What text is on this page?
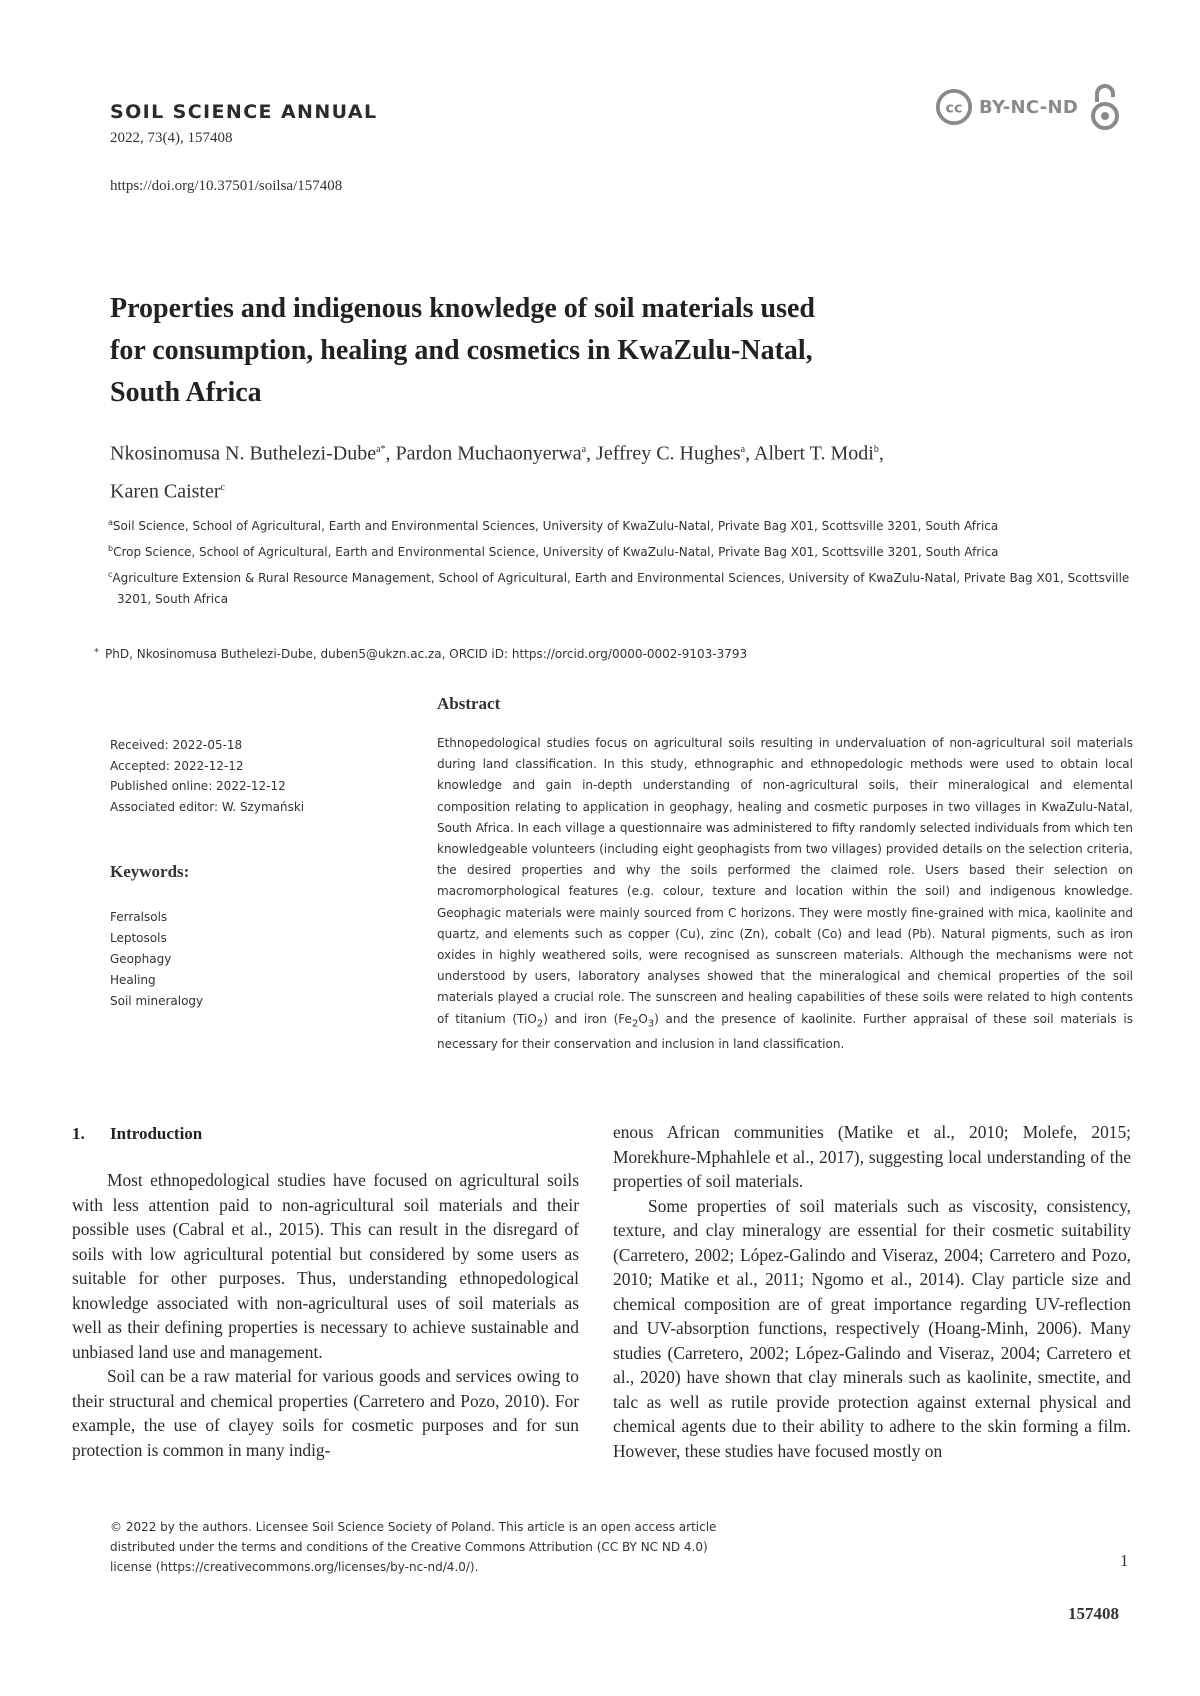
SOIL SCIENCE ANNUAL
2022, 73(4), 157408
https://doi.org/10.37501/soilsa/157408
cc BY-NC-ND
Properties and indigenous knowledge of soil materials used
for consumption, healing and cosmetics in KwaZulu-Natal,
South Africa
Nkosinomusa N. Buthelezi-Dube$^{a*}$, Pardon Muchaonyerwa$^a$, Jeffrey C. Hughes$^a$, Albert T. Modi$^b$,
Karen Caister$^c$

$^a$Soil Science, School of Agricultural, Earth and Environmental Sciences, University of KwaZulu-Natal, Private Bag X01, Scottsville 3201, South Africa

$^b$Crop Science, School of Agricultural, Earth and Environmental Science, University of KwaZulu-Natal, Private Bag X01, Scottsville 3201, South Africa

$^c$Agriculture Extension & Rural Resource Management, School of Agricultural, Earth and Environmental Sciences, University of KwaZulu-Natal, Private Bag X01, Scottsville 3201, South Africa

* PhD, Nkosinomusa Buthelezi-Dube, duben5@ukzn.ac.za, ORCID iD: https://orcid.org/0000-0002-9103-3793
Received: 2022-05-18
Accepted: 2022-12-12
Published online: 2022-12-12
Associated editor: W. Szymański
Keywords:
Ferralsols
Leptosols
Geophagy
Healing
Soil mineralogy
Abstract

Ethnopedological studies focus on agricultural soils resulting in undervaluation of non-agricultural soil materials during land classification. In this study, ethnographic and ethnopedologic methods were used to obtain local knowledge and gain in-depth understanding of non-agricultural soils, their mineralogical and elemental composition relating to application in geophagy, healing and cosmetic purposes in two villages in KwaZulu-Natal, South Africa. In each village a questionnaire was administered to fifty randomly selected individuals from which ten knowledgeable volunteers (including eight geophagists from two villages) provided details on the selection criteria, the desired properties and why the soils performed the claimed role. Users based their selection on macromorphological features (e.g. colour, texture and location within the soil) and indigenous knowledge. Geophagic materials were mainly sourced from C horizons. They were mostly fine-grained with mica, kaolinite and quartz, and elements such as copper (Cu), zinc (Zn), cobalt (Co) and lead (Pb). Natural pigments, such as iron oxides in highly weathered soils, were recognised as sunscreen materials. Although the mechanisms were not understood by users, laboratory analyses showed that the mineralogical and chemical properties of the soil materials played a crucial role. The sunscreen and healing capabilities of these soils were related to high contents of titanium (TiO$_2$) and iron $(Fe_2O_3)$ and the presence of kaolinite. Further appraisal of these soil materials is necessary for their conservation and inclusion in land classification.

1. Introduction

Most ethnopedological studies have focused on agricultural soils with less attention paid to non-agricultural soil materials and their possible uses (Cabral et al., 2015). This can result in the disregard of soils with low agricultural potential but considered by some users as suitable for other purposes. Thus, understanding ethnopedological knowledge associated with non-agricultural uses of soil materials as well as their defining properties is necessary to achieve sustainable and unbiased land use and management.

Soil can be a raw material for various goods and services owing to their structural and chemical properties (Carretero and Pozo, 2010). For example, the use of clayey soils for cosmetic purposes and for sun protection is common in many indig-

enous African communities (Matike et al., 2010; Molefe, 2015; Morekhure-Mphahlele et al., 2017), suggesting local understanding of the properties of soil materials.

Some properties of soil materials such as viscosity, consistency, texture, and clay mineralogy are essential for their cosmetic suitability (Carretero, 2002; López-Galindo and Viseraz, 2004; Carretero and Pozo, 2010; Matike et al., 2011; Ngomo et al., 2014). Clay particle size and chemical composition are of great importance regarding UV-reflection and UV-absorption functions, respectively (Hoang-Minh, 2006). Many studies (Carretero, 2002; López-Galindo and Viseraz, 2004; Carretero et al., 2020) have shown that clay minerals such as kaolinite, smectite, and talc as well as rutile provide protection against external physical and chemical agents due to their ability to adhere to the skin forming a film. However, these studies have focused mostly on

© 2022 by the authors. Licensee Soil Science Society of Poland. This article is an open access article distributed under the terms and conditions of the Creative Commons Attribution (CC BY NC ND 4.0) license (https://creativecommons.org/licenses/by-nc-nd/4.0/).	1
157408
